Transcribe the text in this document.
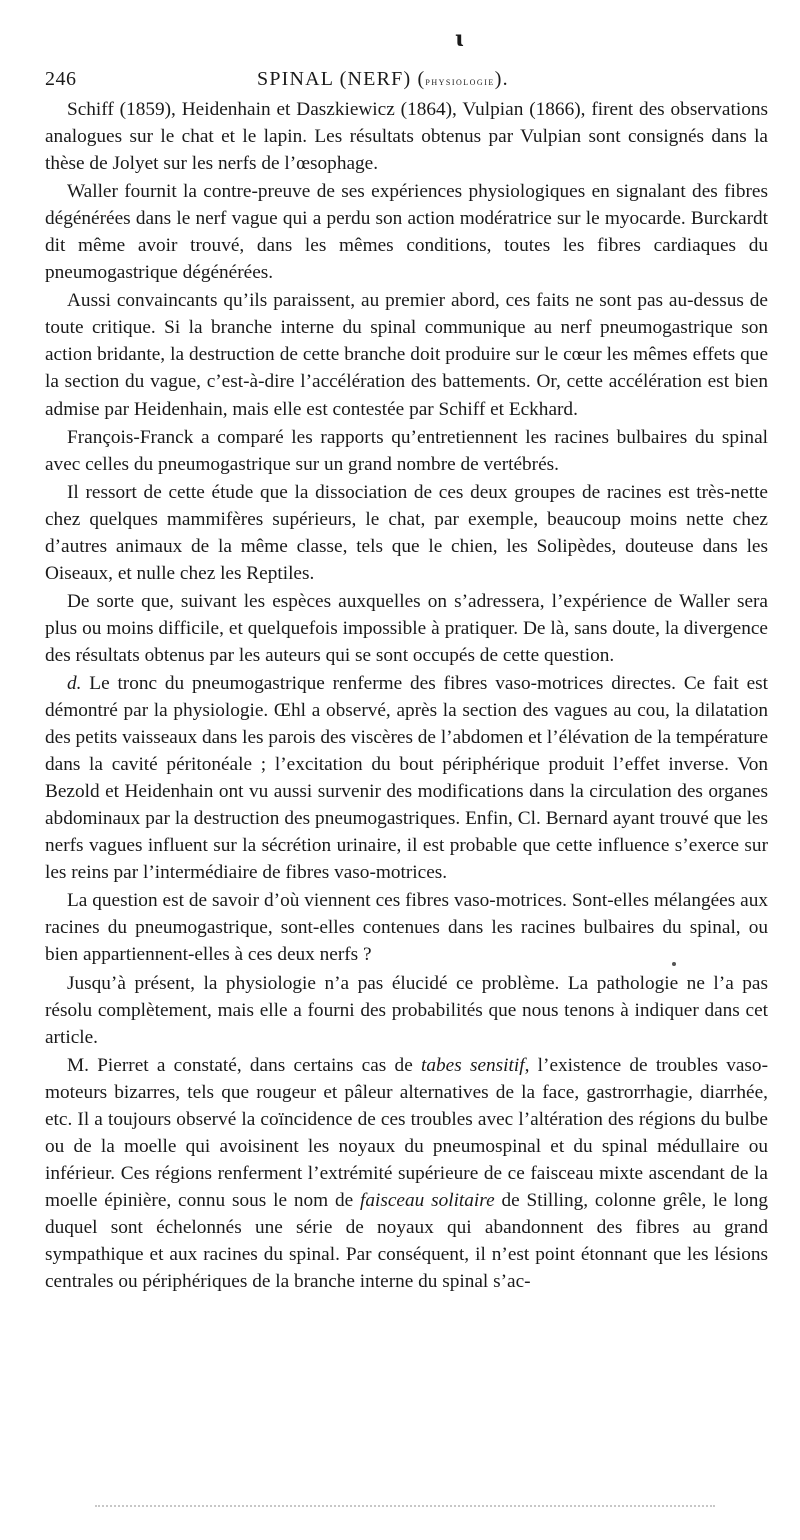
ɩ
246	SPINAL (NERF) (physiologie).

Schiff (1859), Heidenhain et Daszkiewicz (1864), Vulpian (1866), firent des observations analogues sur le chat et le lapin. Les résultats obtenus par Vulpian sont consignés dans la thèse de Jolyet sur les nerfs de l’œsophage.

Waller fournit la contre-preuve de ses expériences physiologiques en signalant des fibres dégénérées dans le nerf vague qui a perdu son action modératrice sur le myocarde. Burckardt dit même avoir trouvé, dans les mêmes conditions, toutes les fibres cardiaques du pneumogastrique dégénérées.

Aussi convaincants qu’ils paraissent, au premier abord, ces faits ne sont pas au-dessus de toute critique. Si la branche interne du spinal communique au nerf pneumogastrique son action bridante, la destruction de cette branche doit produire sur le cœur les mêmes effets que la section du vague, c’est-à-dire l’accélération des battements. Or, cette accélération est bien admise par Heidenhain, mais elle est contestée par Schiff et Eckhard.

François-Franck a comparé les rapports qu’entretiennent les racines bulbaires du spinal avec celles du pneumogastrique sur un grand nombre de vertébrés.

Il ressort de cette étude que la dissociation de ces deux groupes de racines est très-nette chez quelques mammifères supérieurs, le chat, par exemple, beaucoup moins nette chez d’autres animaux de la même classe, tels que le chien, les Solipèdes, douteuse dans les Oiseaux, et nulle chez les Reptiles.

De sorte que, suivant les espèces auxquelles on s’adressera, l’expérience de Waller sera plus ou moins difficile, et quelquefois impossible à pratiquer. De là, sans doute, la divergence des résultats obtenus par les auteurs qui se sont occupés de cette question.

d. Le tronc du pneumogastrique renferme des fibres vaso-motrices directes. Ce fait est démontré par la physiologie. Œhl a observé, après la section des vagues au cou, la dilatation des petits vaisseaux dans les parois des viscères de l’abdomen et l’élévation de la température dans la cavité péritonéale ; l’excitation du bout périphérique produit l’effet inverse. Von Bezold et Heidenhain ont vu aussi survenir des modifications dans la circulation des organes abdominaux par la destruction des pneumogastriques. Enfin, Cl. Bernard ayant trouvé que les nerfs vagues influent sur la sécrétion urinaire, il est probable que cette influence s’exerce sur les reins par l’intermédiaire de fibres vaso-motrices.

La question est de savoir d’où viennent ces fibres vaso-motrices. Sont-elles mélangées aux racines du pneumogastrique, sont-elles contenues dans les racines bulbaires du spinal, ou bien appartiennent-elles à ces deux nerfs ?

Jusqu’à présent, la physiologie n’a pas élucidé ce problème. La pathologie ne l’a pas résolu complètement, mais elle a fourni des probabilités que nous tenons à indiquer dans cet article.

M. Pierret a constaté, dans certains cas de tabes sensitif, l’existence de troubles vaso-moteurs bizarres, tels que rougeur et pâleur alternatives de la face, gastrorrhagie, diarrhée, etc. Il a toujours observé la coïncidence de ces troubles avec l’altération des régions du bulbe ou de la moelle qui avoisinent les noyaux du pneumospinal et du spinal médullaire ou inférieur. Ces régions renferment l’extrémité supérieure de ce faisceau mixte ascendant de la moelle épinière, connu sous le nom de faisceau solitaire de Stilling, colonne grêle, le long duquel sont échelonnés une série de noyaux qui abandonnent des fibres au grand sympathique et aux racines du spinal. Par conséquent, il n’est point étonnant que les lésions centrales ou périphériques de la branche interne du spinal s’ac-
